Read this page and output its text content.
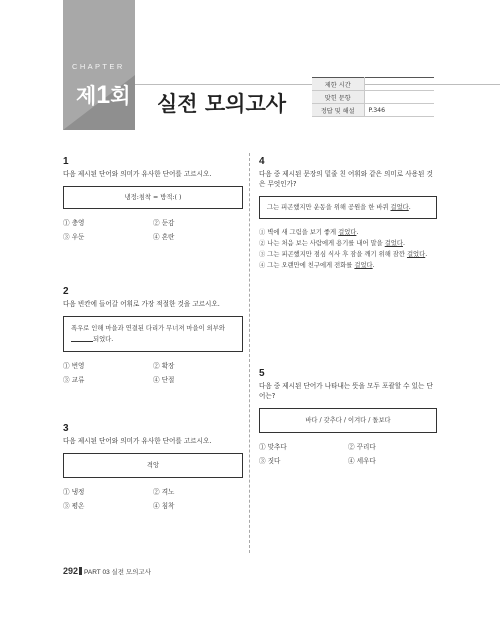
CHAPTER
제1회 실전 모의고사
제한 시간	
맞힌 문항	
정답 및 해설	P.346
1
다음 제시된 단어와 의미가 유사한 단어를 고르시오.
냉정:침착 = 방적:( )
① 충영	② 둔감
③ 우둔	④ 혼란
2
다음 빈칸에 들어갈 어휘로 가장 적절한 것을 고르시오.
폭우로 인해 마을과 연결된 다리가 무너져 마을이 외부와되었다.
① 번영	② 확장
③ 교류	④ 단절
3
다음 제시된 단어와 의미가 유사한 단어를 고르시오.
격앙
① 냉정	② 격노
③ 평온	④ 침착
4
다음 중 제시된 문장의 밑줄 친 어휘와 같은 의미로 사용된 것은 무엇인가?
그는 피곤했지만 운동을 위해 공원을 한 바퀴 걸었다.
① 벽에 새 그림을 보기 좋게 걸었다.
② 나는 처음 보는 사람에게 용기를 내어 말을 걸었다.
③ 그는 피곤했지만 점심 식사 후 잠을 깨기 위해 잠깐 걸었다.
④ 그는 오랜만에 친구에게 전화를 걸었다.
5
다음 중 제시된 단어가 나타내는 뜻을 모두 포괄할 수 있는 단어는?
바다 / 갖추다 / 이겨다 / 돌보다
① 맞추다	② 꾸리다
③ 짓다	④ 세우다
292 PART 03 실전 모의고사
